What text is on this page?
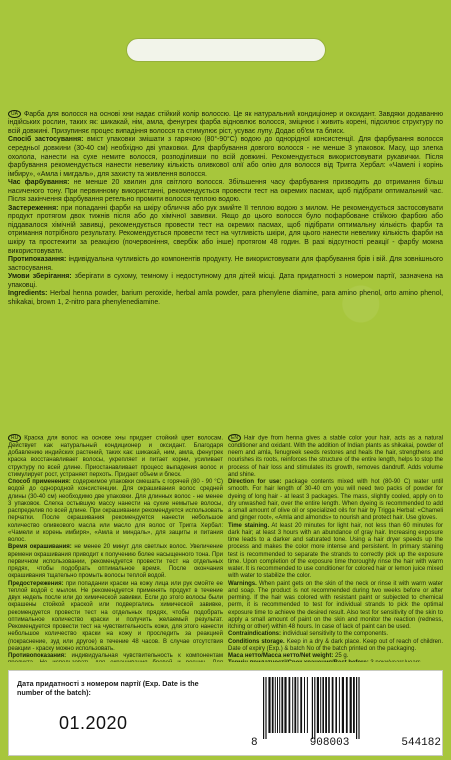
UA Фарба для волосся на основі хни надає стійкий колір волоссю. Це як натуральний кондиціонер и оксидант. Завдяки додаванню індійських рослин, таких як: шикакай, нім, амла, фенугрек фарба відновлює волосся, зміцнює і живить корені, підсилює структуру по всій довжині. Призупиняє процес випадіння волосся та стимулює ріст, усуває лупу. Додає об'єм та блиск.

Спосіб застосування: вміст упаковки змішати з гарячою (80°-90°С) водою до однорідної консистенції. Для фарбування волосся середньої довжини (30-40 см) необхідно дві упаковки. Для фарбування довгого волосся - не менше 3 упаковок. Масу, що злегка охолола, нанести на сухе немите волосся, розподіливши по всій довжині. Рекомендується використовувати рукавички. Після фарбування рекомендується нанести невелику кількість оливкової олії або олію для волосся від Тригга Хербал: «Чамелі і корінь імбиру», «Амла і мигдаль», для захисту та живлення волосся.

Час фарбування: не менше 20 хвилин для світлого волосся. Збільшення часу фарбування призводить до отримання більш насиченого тону. При первинному використанні, рекомендується провести тест на окремих пасмах, щоб підібрати оптимальний час. Після закінчення фарбування ретельно промити волосся теплою водою.

Застереження: при попаданні фарби на шкіру обличчя або рук змийте її теплою водою з милом. Не рекомендується застосовувати продукт протягом двох тижнів після або до хімічної завивки. Якщо до цього волосся було пофарбоване стійкою фарбою або піддавалося хімічній завивці, рекомендується провести тест на окремих пасмах, щоб підібрати оптимальну кількість фарби та отримання потрібного результату. Рекомендується провести тест на чутливість шкіри, для цього нанести невелику кількість фарби на шкіру та простежити за реакцією (почервоніння, свербіж або інше) протягом 48 годин. В разі відсутності реакції - фарбу можна використовувати.

Протипоказання: індивідуальна чутливість до компонентів продукту. Не використовувати для фарбування брів і вій. Для зовнішнього застосування.

Умови зберігання: зберігати в сухому, темному і недоступному для дітей місці. Дата придатності з номером партії, зазначена на упаковці.

Ingredients: Herbal henna powder, barium peroxide, herbal amla powder, para phenylene diamine, para amino phenol, orto amino phenol, shikakai, brown 1, 2-nitro para phenylenediamine.

RU Краска для волос на основе хны придает стойкий цвет волосам. Действует как натуральный кондиционер и оксидант. Благодаря добавлению индийских растений, таких как: шикакай, ним, амла, фенугрек краска восстанавливает волосы, укрепляет и питает корни, усиливает структуру по всей длине. Приостанавливает процесс выпадения волос и стимулирует рост, устраняет перхоть. Придает объем и блеск.

Способ применения: содержимое упаковки смешать с горячей (80 - 90 °С) водой до однородной консистенции. Для окрашивания волос средней длины (30-40 см) необходимо две упаковки. Для длинных волос - не менее 3 упаковок. Слегка остывшую массу нанести на сухие немытые волосы, распределив по всей длине. При окрашивании рекомендуется использовать перчатки. После окрашивания рекомендуется нанести небольшое количество оливкового масла или масло для волос от Тригга Хербал: «Чамели и корень имбиря», «Амла и миндаль», для защиты и питания волос.

Время окрашивания: не менее 20 минут для светлых волос. Увеличение времени окрашивания приводит к получению более насыщенного тона. При первичном использовании, рекомендуется провести тест на отдельных прядях, чтобы подобрать оптимальное время. После окончания окрашивания тщательно промыть волосы теплой водой.

Предостережения: при попадании краски на кожу лица или рук смойте ее теплой водой с мылом. Не рекомендуется применять продукт в течение двух недель после или до химической завивки. Если до этого волосы были окрашены стойкой краской или подвергались химической завивке, рекомендуется провести тест на отдельных прядях, чтобы подобрать оптимальное количество краски и получить желаемый результат. Рекомендуется провести тест на чувствительность кожи, для этого нанести небольшое количество краски на кожу и проследить за реакцией (покраснение, зуд или другое) в течение 48 часов. В случае отсутствия реакции - краску можно использовать.

Противопоказания: индивидуальная чувствительность к компонентам

EN Hair dye from henna gives a stable color your hair, acts as a natural conditioner and oxidant. With the addition of Indian plants as shikakai, powder of neem and amla, fenugreek seeds restores and heals the hair, strengthens and nourishes its roots, reinforces the structure of the entire length, helps to stop the process of hair loss and stimulates its growth, removes dandruff. Adds volume and shine.

Direction for use: package contents mixed with hot (80-90 C) water until smooth. For hair length of 30-40 cm you will need two packs of powder for dyeing of long hair - at least 3 packages. The mass, slightly cooled, apply on to dry unwashed hair, over the entire length. When dyeing is recommended to add a small amount of olive oil or specialized oils for hair by Trigga Herbal: «Chameli and ginger root», «Amla and almonds» to nourish and protect hair. Use gloves.

Time staining. At least 20 minutes for light hair, not less than 60 minutes for dark hair; at least 3 hours with an abundance of gray hair. Increasing exposure time leads to a darker and saturated tone. Using a hair dryer speeds up the process and makes the color more intense and persistent. In primary staining test is recommended to separate the strands to correctly pick up the exposure time. Upon completion of the exposure time thoroughly rinse the hair with warm water. It is recommended to use conditioner for colored hair or lemon juice mixed with water to stabilize the color.

Warnings. When paint gets on the skin of the neck or rinse it with warm water and soap. The product is not recommended during two weeks before or after perming. If the hair was colored with resistant paint or subjected to chemical perm, it is recommended to test for individual strands to pick the optimal exposure time to achieve the desired result. Also test for sensitivity of the skin to apply a small amount of paint on the skin and monitor the reaction (redness, itching or other) within 48 hours. In case of lack of paint can be used.

Contraindications: individual sensitivity to the components.

Conditions storage. Keep in a dry & dark place. Keep out of reach of children. Date of expiry (Exp.) & batch No of the batch printed on the packaging.

Маса нетто/Масса нетто/Net weight: 25 g.

Дата придатності з номером партії (Exp. Date is the number of the batch):
01.2020
8	908003	544182
